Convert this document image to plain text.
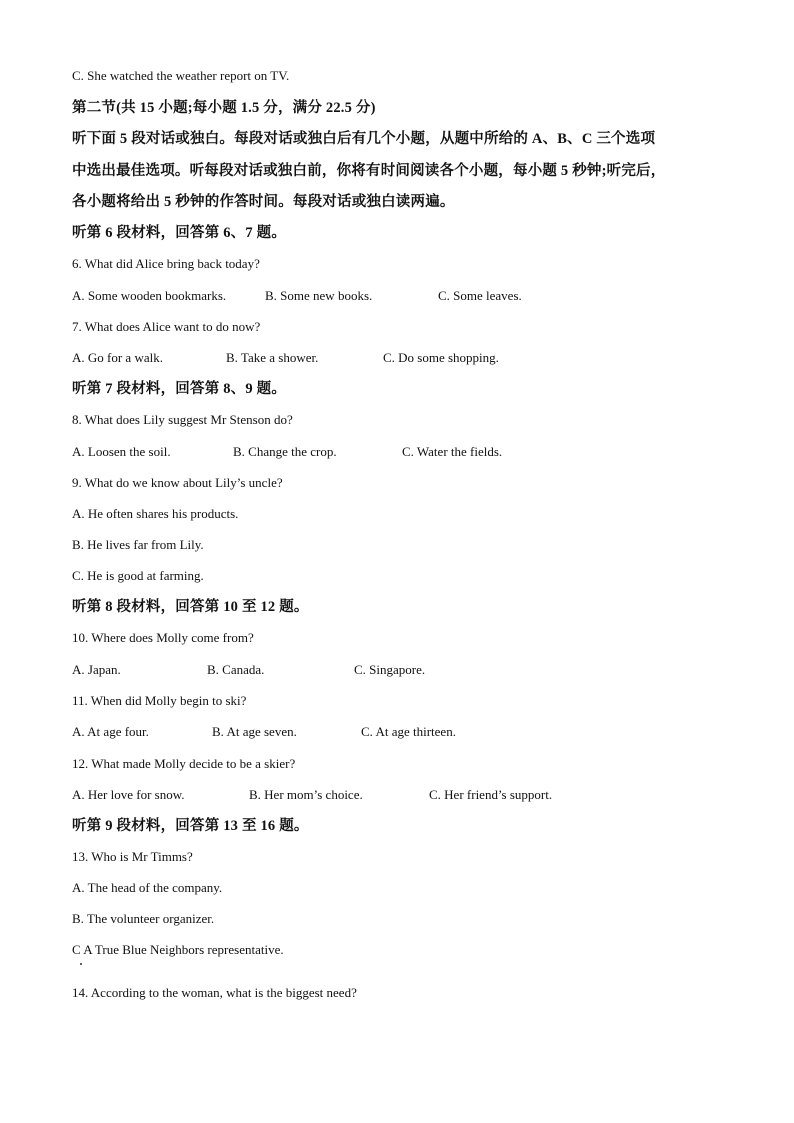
C. She watched the weather report on TV.
第二节(共 15 小题;每小题 1.5 分，满分 22.5 分)
听下面 5 段对话或独白。每段对话或独白后有几个小题，从题中所给的 A、B、C 三个选项
中选出最佳选项。听每段对话或独白前，你将有时间阅读各个小题，每小题 5 秒钟;听完后，
各小题将给出 5 秒钟的作答时间。每段对话或独白读两遍。
听第 6 段材料，回答第 6、7 题。
6. What did Alice bring back today?
A. Some wooden bookmarks.	B. Some new books.	C. Some leaves.
7. What does Alice want to do now?
A. Go for a walk.	B. Take a shower.	C. Do some shopping.
听第 7 段材料，回答第 8、9 题。
8. What does Lily suggest Mr Stenson do?
A. Loosen the soil.	B. Change the crop.	C. Water the fields.
9. What do we know about Lily’s uncle?
A. He often shares his products.
B. He lives far from Lily.
C. He is good at farming.
听第 8 段材料，回答第 10 至 12 题。
10. Where does Molly come from?
A. Japan.	B. Canada.	C. Singapore.
11. When did Molly begin to ski?
A. At age four.	B. At age seven.	C. At age thirteen.
12. What made Molly decide to be a skier?
A. Her love for snow.	B. Her mom’s choice.	C. Her friend’s support.
听第 9 段材料，回答第 13 至 16 题。
13. Who is Mr Timms?
A. The head of the company.
B. The volunteer organizer.
C A True Blue Neighbors representative.
14. According to the woman, what is the biggest need?
